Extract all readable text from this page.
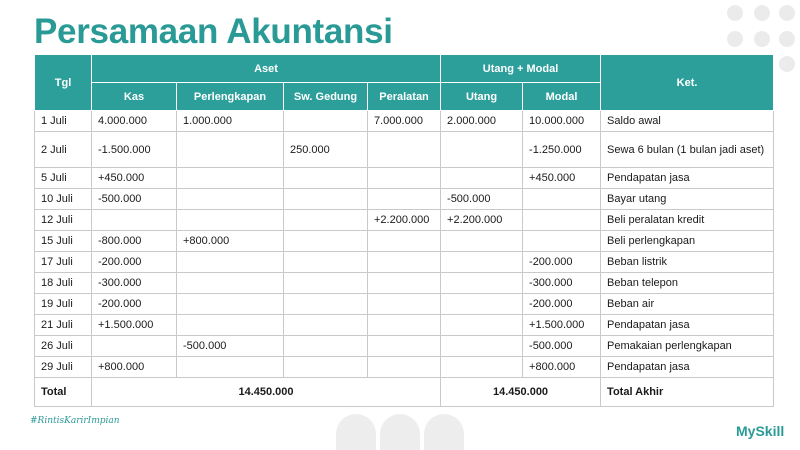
Persamaan Akuntansi
Tgl	Aset				Utang + Modal		Ket.
	Kas	Perlengkapan	Sw. Gedung	Peralatan	Utang	Modal	
1 Juli	4.000.000	1.000.000		7.000.000	2.000.000	10.000.000	Saldo awal
2 Juli	-1.500.000		250.000			-1.250.000	Sewa 6 bulan (1 bulan jadi aset)
5 Juli	+450.000					+450.000	Pendapatan jasa
10 Juli	-500.000				-500.000		Bayar utang
12 Juli				+2.200.000	+2.200.000		Beli peralatan kredit
15 Juli	-800.000	+800.000					Beli perlengkapan
17 Juli	-200.000					-200.000	Beban listrik
18 Juli	-300.000					-300.000	Beban telepon
19 Juli	-200.000					-200.000	Beban air
21 Juli	+1.500.000					+1.500.000	Pendapatan jasa
26 Juli		-500.000				-500.000	Pemakaian perlengkapan
29 Juli	+800.000					+800.000	Pendapatan jasa
Total	14.450.000				14.450.000		Total Akhir
#RintisKarirImpian
MySkill
